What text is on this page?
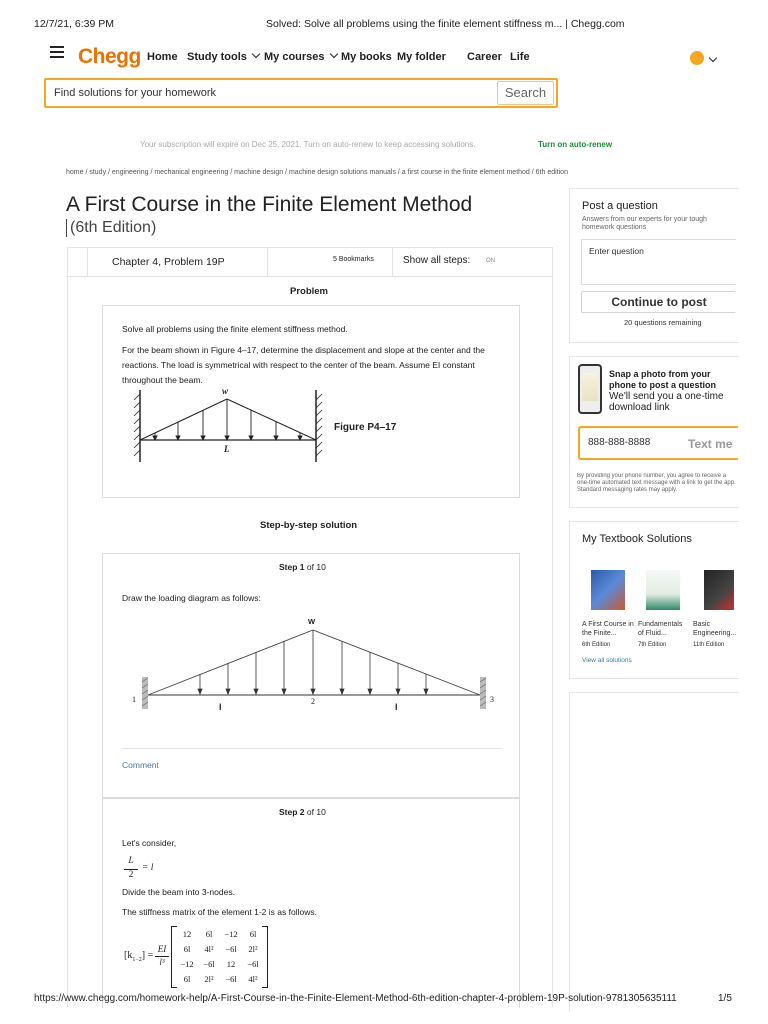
12/7/21, 6:39 PM	Solved: Solve all problems using the finite element stiffness m... | Chegg.com
Chegg Home Study tools	My courses	My books My folder Career Life
Find solutions for your homework	Search
Your subscription will expire on Dec 25, 2021. Turn on auto-renew to keep accessing solutions.	Turn on auto-renew
home / study / engineering / mechanical engineering / machine design / machine design solutions manuals / a first course in the finite element method / 6th edition
A First Course in the Finite Element Method
(6th Edition)
Chapter 4, Problem 19P	5 Bookmarks	Show all steps:	ON
Problem
Solve all problems using the finite element stiffness method.
For the beam shown in Figure 4–17, determine the displacement and slope at the center and the reactions. The load is symmetrical with respect to the center of the beam. Assume EI constant throughout the beam.
w
L
Figure P4–17
Step-by-step solution
Step 1 of 10
Draw the loading diagram as follows:
W
1	2	3
l	l
Comment
Step 2 of 10
Let's consider,
L
2
= l
Divide the beam into 3-nodes.
The stiffness matrix of the element 1-2 is as follows.
$[k_{1-2}]$ =
EI
l³
12	6l	−12	6l
6l	4l²	−6l	2l²
−12	−6l	12	−6l
6l	2l²	−6l	4l²
Post a question
Answers from our experts for your tough homework questions
Enter question
Continue to post
20 questions remaining
Snap a photo from your phone to post a question
We'll send you a one-time download link
888-888-8888	Text me
By providing your phone number, you agree to receive a one-time automated text message with a link to get the app. Standard messaging rates may apply.
My Textbook Solutions
A First Course in the Finite...
6th Edition
Fundamentals of Fluid...
7th Edition
Basic Engineering...
11th Edition
View all solutions
https://www.chegg.com/homework-help/A-First-Course-in-the-Finite-Element-Method-6th-edition-chapter-4-problem-19P-solution-9781305635111	1/5
